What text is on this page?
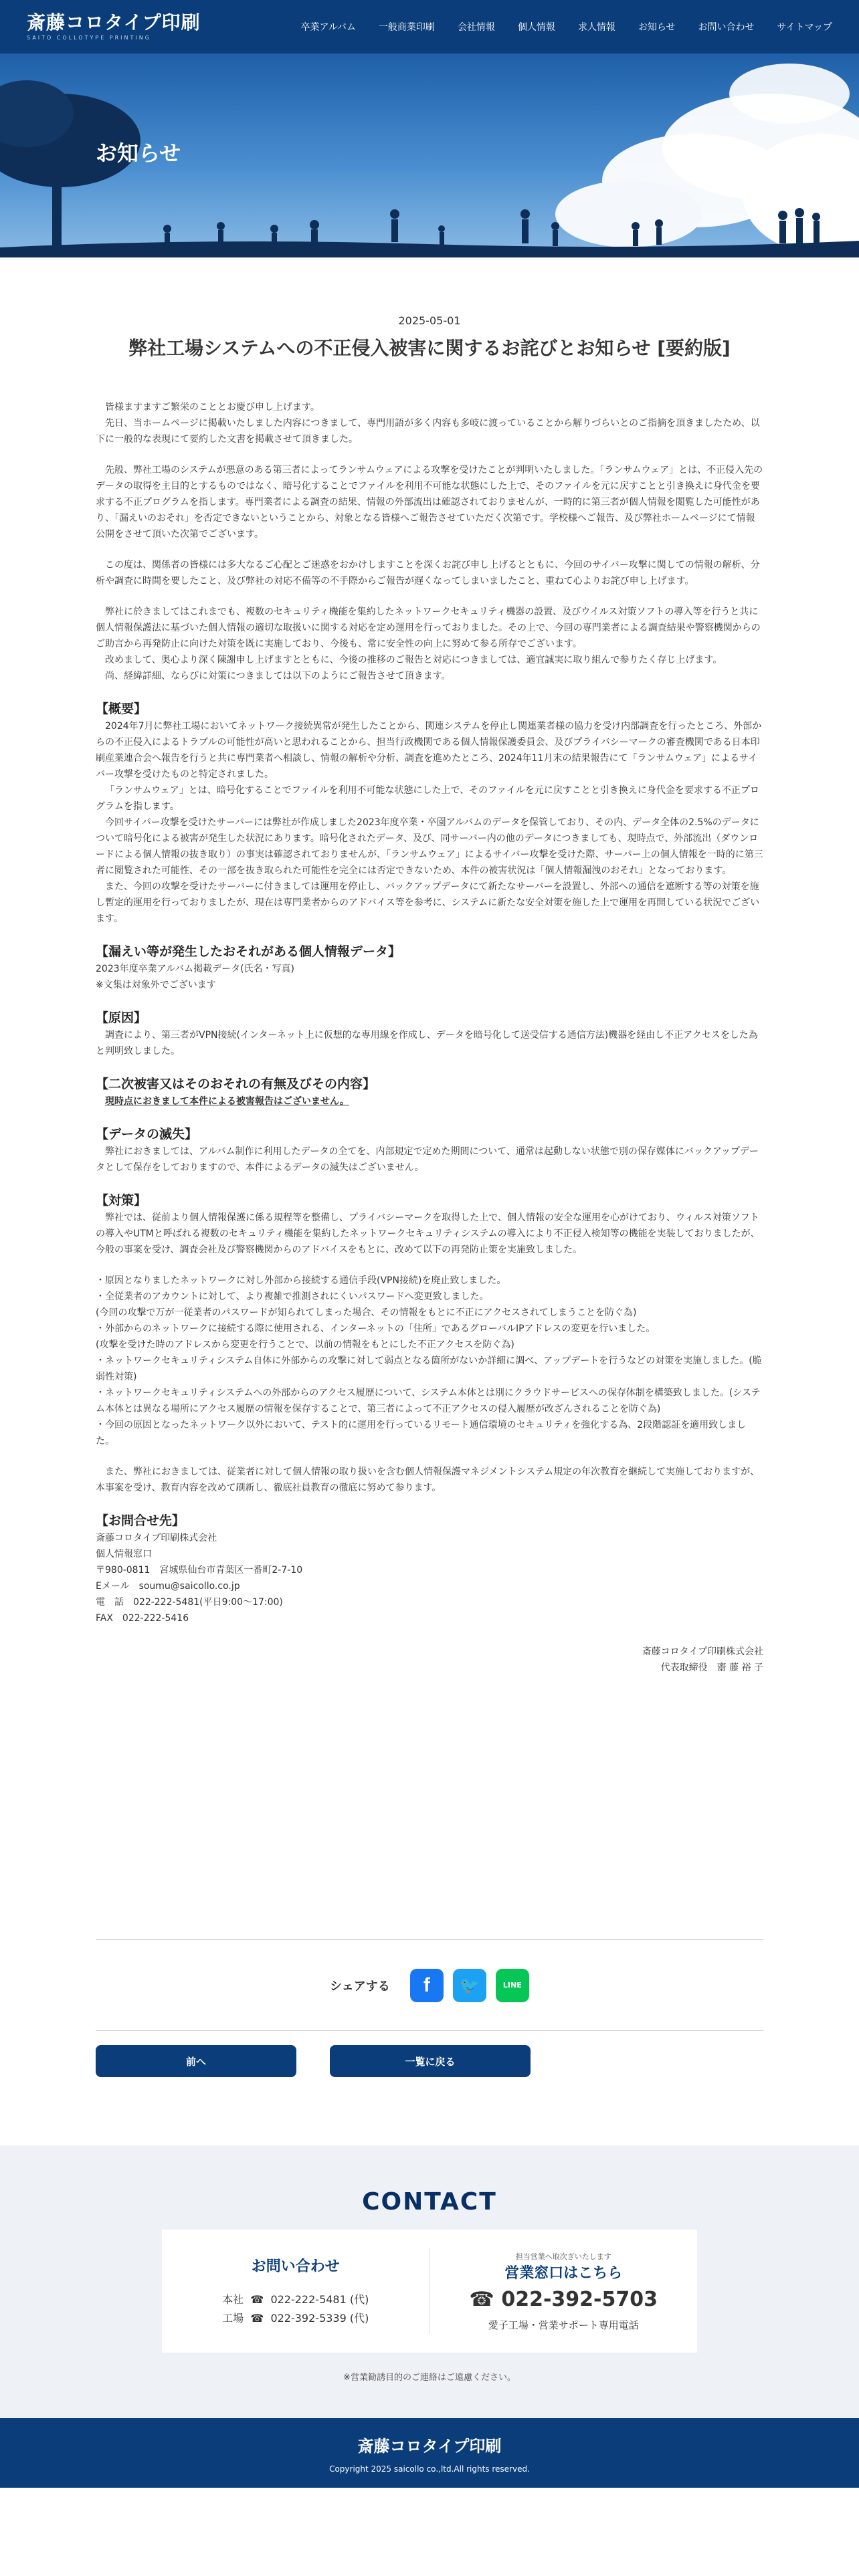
斎藤コロタイプ印刷
SAITO COLLOTYPE PRINTING
卒業アルバム 一般商業印刷 会社情報 個人情報 求人情報 お知らせ お問い合わせ サイトマップ
お知らせ
2025-05-01
弊社工場システムへの不正侵入被害に関するお詫びとお知らせ [要約版]

皆様ますますご繁栄のこととお慶び申し上げます。

先日、当ホームページに掲載いたしました内容につきまして、専門用語が多く内容も多岐に渡っていることから解りづらいとのご指摘を頂きましたため、以下に一般的な表現にて要約した文書を掲載させて頂きました。

先般、弊社工場のシステムが悪意のある第三者によってランサムウェアによる攻撃を受けたことが判明いたしました。「ランサムウェア」とは、不正侵入先のデータの取得を主目的とするものではなく、暗号化することでファイルを利用不可能な状態にした上で、そのファイルを元に戻すことと引き換えに身代金を要求する不正プログラムを指します。専門業者による調査の結果、情報の外部流出は確認されておりませんが、一時的に第三者が個人情報を閲覧した可能性があり、「漏えいのおそれ」を否定できないということから、対象となる皆様へご報告させていただく次第です。学校様へご報告、及び弊社ホームページにて情報公開をさせて頂いた次第でございます。

この度は、関係者の皆様には多大なるご心配とご迷惑をおかけしますことを深くお詫び申し上げるとともに、今回のサイバー攻撃に関しての情報の解析、分析や調査に時間を要したこと、及び弊社の対応不備等の不手際からご報告が遅くなってしまいましたこと、重ねて心よりお詫び申し上げます。

弊社に於きましてはこれまでも、複数のセキュリティ機能を集約したネットワークセキュリティ機器の設置、及びウイルス対策ソフトの導入等を行うと共に個人情報保護法に基づいた個人情報の適切な取扱いに関する対応を定め運用を行っておりました。その上で、今回の専門業者による調査結果や警察機関からのご助言から再発防止に向けた対策を既に実施しており、今後も、常に安全性の向上に努めて参る所存でございます。

改めまして、奥心より深く陳謝申し上げますとともに、今後の推移のご報告と対応につきましては、適宜誠実に取り組んで参りたく存じ上げます。

尚、経緯詳細、ならびに対策につきましては以下のようにご報告させて頂きます。

【概要】

2024年7月に弊社工場においてネットワーク接続異常が発生したことから、関連システムを停止し関連業者様の協力を受け内部調査を行ったところ、外部からの不正侵入によるトラブルの可能性が高いと思われることから、担当行政機関である個人情報保護委員会、及びプライバシーマークの審査機関である日本印刷産業連合会へ報告を行うと共に専門業者へ相談し、情報の解析や分析、調査を進めたところ、2024年11月末の結果報告にて「ランサムウェア」によるサイバー攻撃を受けたものと特定されました。

「ランサムウェア」とは、暗号化することでファイルを利用不可能な状態にした上で、そのファイルを元に戻すことと引き換えに身代金を要求する不正プログラムを指します。

今回サイバー攻撃を受けたサーバーには弊社が作成しました2023年度卒業・卒園アルバムのデータを保管しており、その内、データ全体の2.5%のデータについて暗号化による被害が発生した状況にあります。暗号化されたデータ、及び、同サーバー内の他のデータにつきましても、現時点で、外部流出（ダウンロードによる個人情報の抜き取り）の事実は確認されておりませんが、「ランサムウェア」によるサイバー攻撃を受けた際、サーバー上の個人情報を一時的に第三者に閲覧された可能性、その一部を抜き取られた可能性を完全には否定できないため、本件の被害状況は「個人情報漏洩のおそれ」となっております。

また、今回の攻撃を受けたサーバーに付きましては運用を停止し、バックアップデータにて新たなサーバーを設置し、外部への通信を遮断する等の対策を施し暫定的運用を行っておりましたが、現在は専門業者からのアドバイス等を参考に、システムに新たな安全対策を施した上で運用を再開している状況でございます。

【漏えい等が発生したおそれがある個人情報データ】

2023年度卒業アルバム掲載データ(氏名・写真)

※文集は対象外でございます

【原因】

調査により、第三者がVPN接続(インターネット上に仮想的な専用線を作成し、データを暗号化して送受信する通信方法)機器を経由し不正アクセスをした為と判明致しました。

【二次被害又はそのおそれの有無及びその内容】

現時点におきまして本件による被害報告はございません。

【データの滅失】

弊社におきましては、アルバム制作に利用したデータの全てを、内部規定で定めた期間について、通常は起動しない状態で別の保存媒体にバックアップデータとして保存をしておりますので、本件によるデータの滅失はございません。

【対策】

弊社では、従前より個人情報保護に係る規程等を整備し、プライバシーマークを取得した上で、個人情報の安全な運用を心がけており、ウィルス対策ソフトの導入やUTMと呼ばれる複数のセキュリティ機能を集約したネットワークセキュリティシステムの導入により不正侵入検知等の機能を実装しておりましたが、今般の事案を受け、調査会社及び警察機関からのアドバイスをもとに、改めて以下の再発防止策を実施致しました。

・原因となりましたネットワークに対し外部から接続する通信手段(VPN接続)を廃止致しました。

・全従業者のアカウントに対して、より複雑で推測されにくいパスワードへ変更致しました。

(今回の攻撃で万が一従業者のパスワードが知られてしまった場合、その情報をもとに不正にアクセスされてしまうことを防ぐ為)

・外部からのネットワークに接続する際に使用される、インターネットの「住所」であるグローバルIPアドレスの変更を行いました。

(攻撃を受けた時のアドレスから変更を行うことで、以前の情報をもとにした不正アクセスを防ぐ為)

・ネットワークセキュリティシステム自体に外部からの攻撃に対して弱点となる箇所がないか詳細に調べ、アップデートを行うなどの対策を実施しました。(脆弱性対策)

・ネットワークセキュリティシステムへの外部からのアクセス履歴について、システム本体とは別にクラウドサービスへの保存体制を構築致しました。(システム本体とは異なる場所にアクセス履歴の情報を保存することで、第三者によって不正アクセスの侵入履歴が改ざんされることを防ぐ為)

・今回の原因となったネットワーク以外において、テスト的に運用を行っているリモート通信環境のセキュリティを強化する為、2段階認証を適用致しました。

また、弊社におきましては、従業者に対して個人情報の取り扱いを含む個人情報保護マネジメントシステム規定の年次教育を継続して実施しておりますが、本事案を受け、教育内容を改めて刷新し、徹底社員教育の徹底に努めて参ります。

【お問合せ先】

斎藤コロタイプ印刷株式会社

個人情報窓口

〒980-0811　宮城県仙台市青葉区一番町2-7-10

Eメール　soumu@saicollo.co.jp

電　話　022-222-5481(平日9:00〜17:00)

FAX　022-222-5416

斎藤コロタイプ印刷株式会社
代表取締役　齋 藤 裕 子
シェアする f 🐦	LINE
前へ	一覧に戻る
CONTACT
お問い合わせ
本社  ☎  022-222-5481 (代)
工場  ☎  022-392-5339 (代)
担当営業へ取次ぎいたします
営業窓口はこちら
☎ 022-392-5703
愛子工場・営業サポート専用電話
※営業勧誘目的のご連絡はご遠慮ください。
斎藤コロタイプ印刷
Copyright 2025 saicollo co.,ltd.All rights reserved.
